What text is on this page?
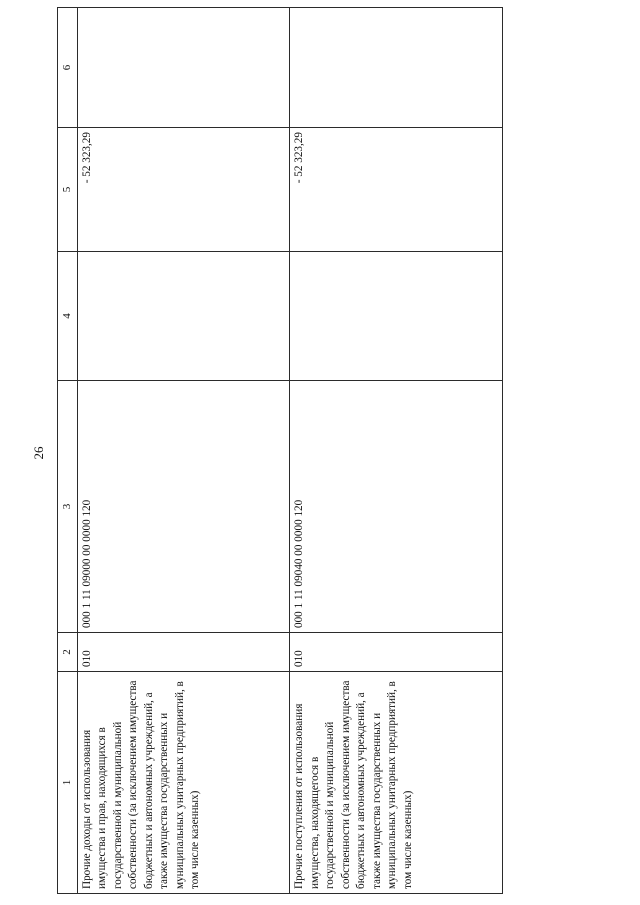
26
1	2	3	4	5	6
Прочие доходы от использования имущества и прав, находящихся в государственной и муниципальной собственности (за исключением имущества бюджетных и автономных учреждений, а также имущества государственных и муниципальных унитарных предприятий, в том числе казенных)	010	000 1 11 09000 00 0000 120		- 52 323,29	
Прочие поступления от использования имущества, находящегося в государственной и муниципальной собственности (за исключением имущества бюджетных и автономных учреждений, а также имущества государственных и муниципальных унитарных предприятий, в том числе казенных)	010	000 1 11 09040 00 0000 120		- 52 323,29	
